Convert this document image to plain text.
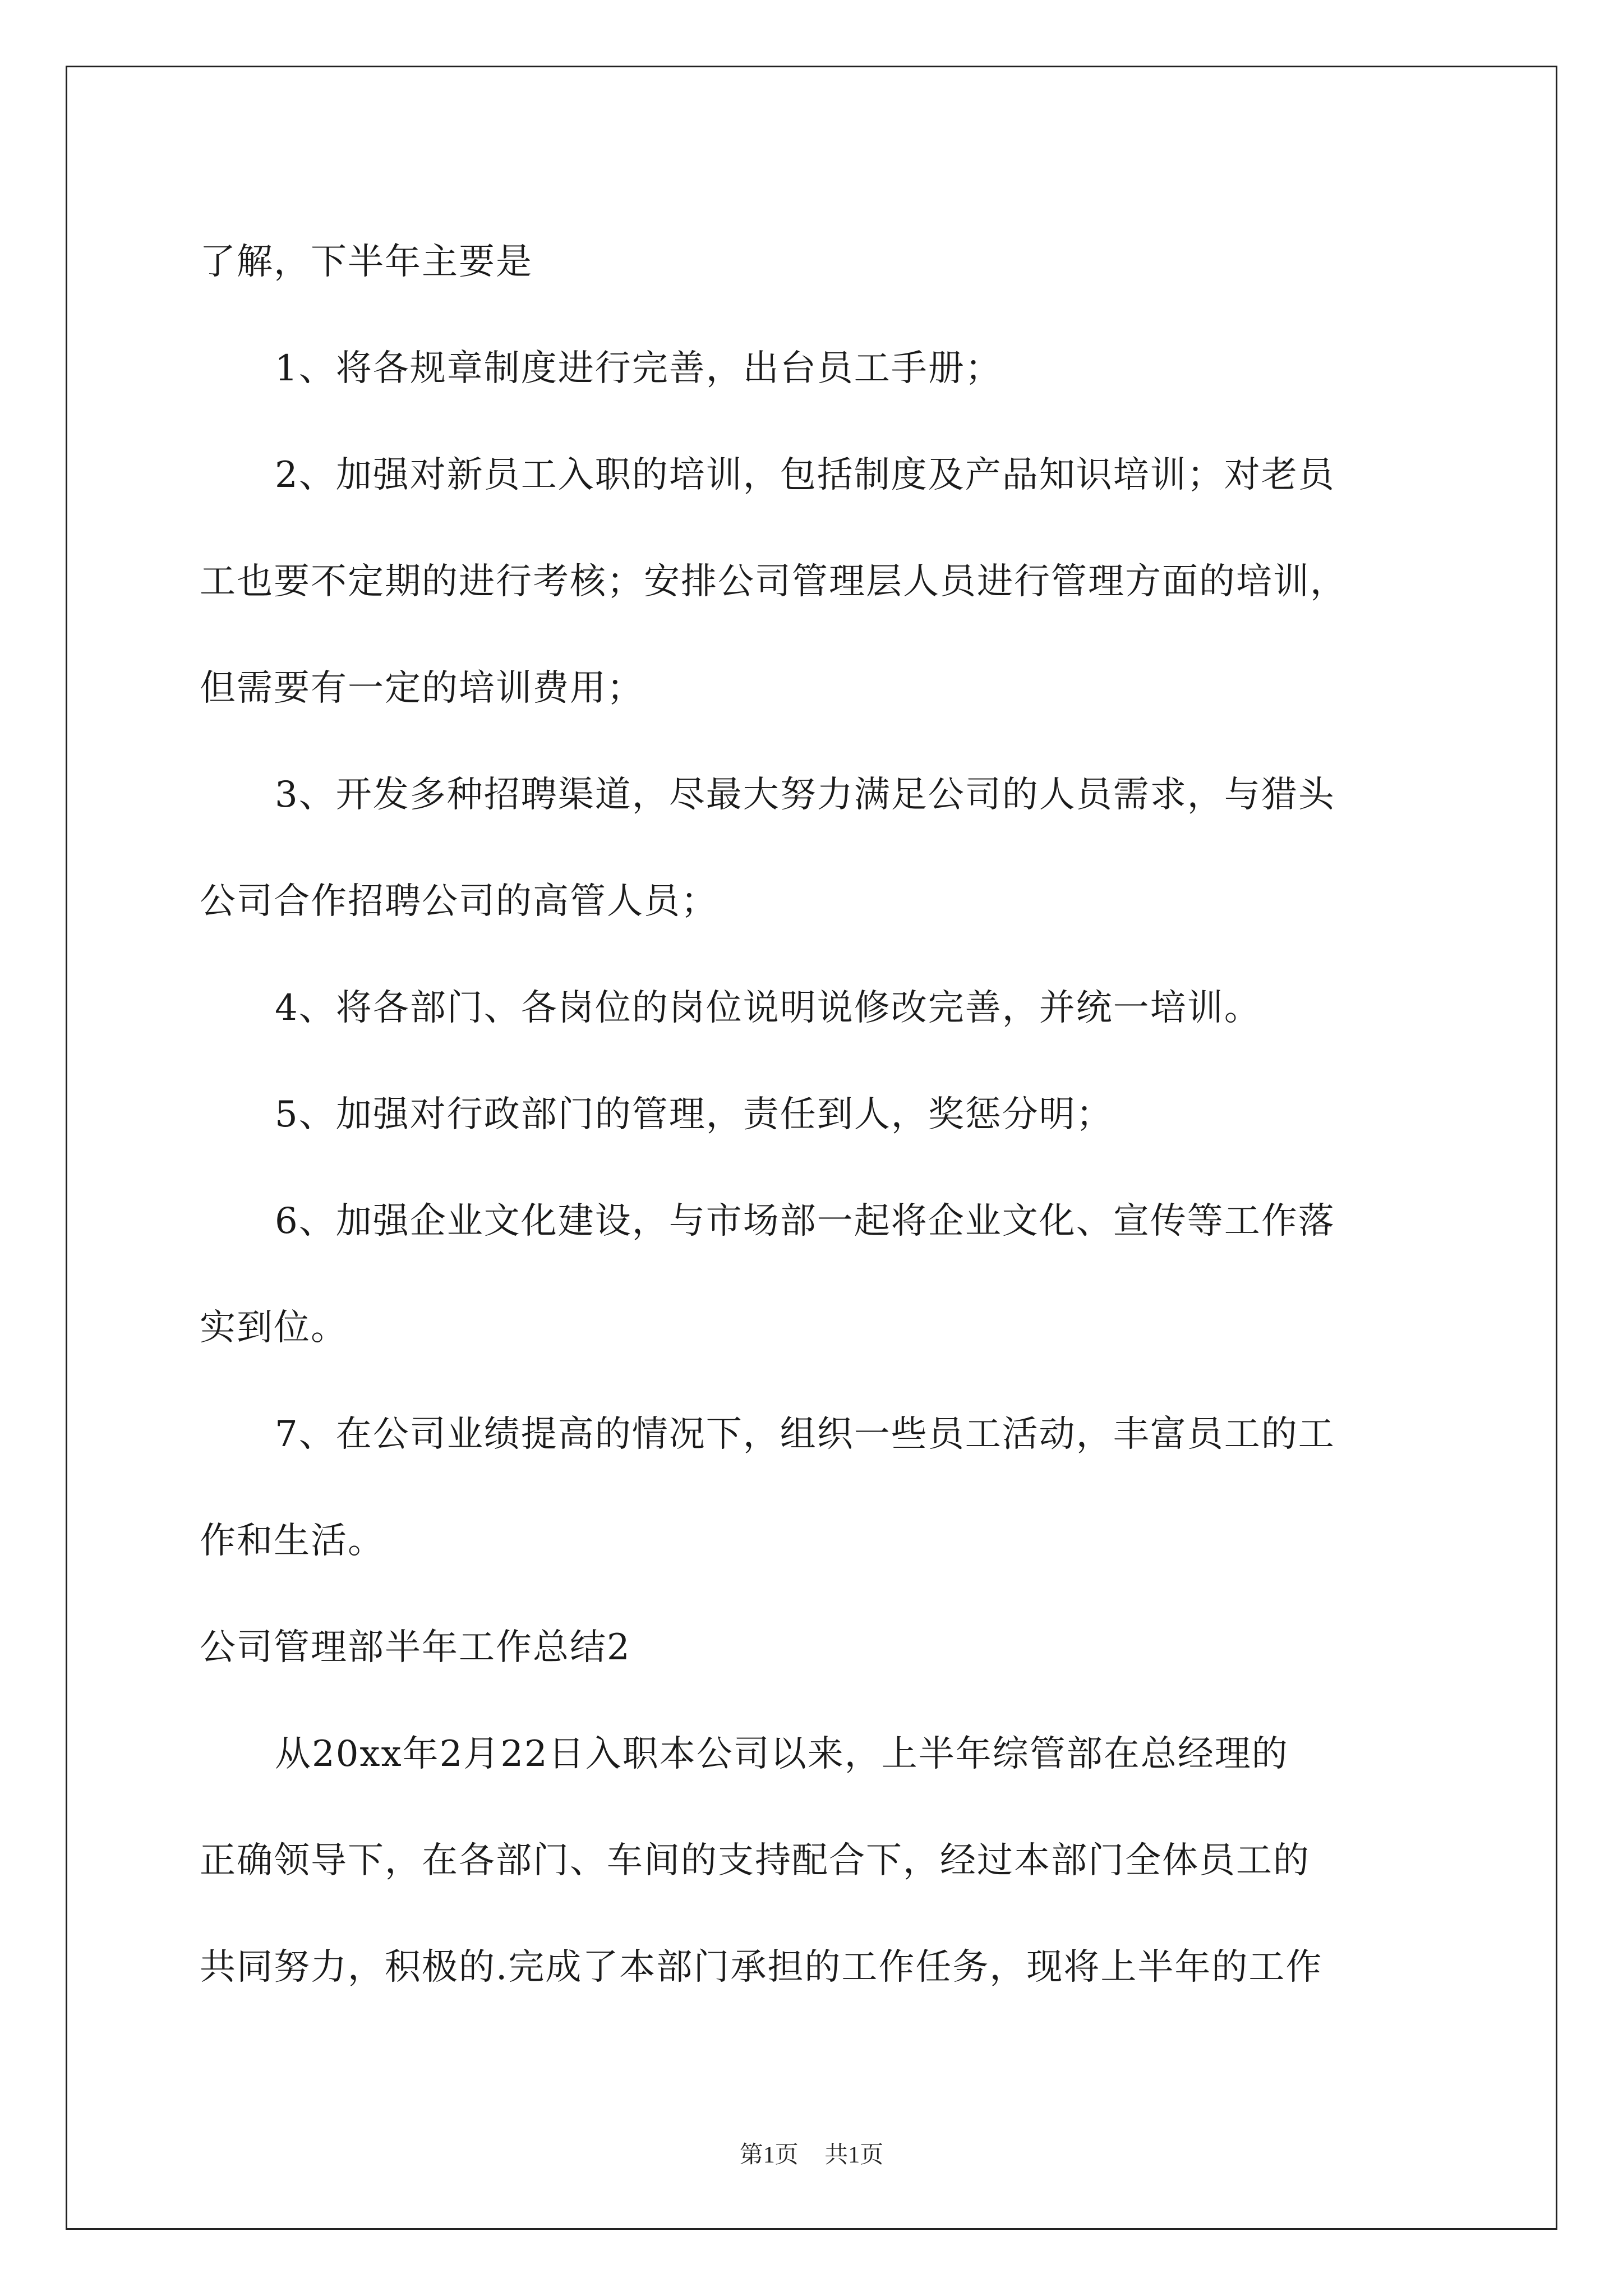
了解，下半年主要是

1、将各规章制度进行完善，出台员工手册；

2、加强对新员工入职的培训，包括制度及产品知识培训；对老员

工也要不定期的进行考核；安排公司管理层人员进行管理方面的培训，

但需要有一定的培训费用；

3、开发多种招聘渠道，尽最大努力满足公司的人员需求，与猎头

公司合作招聘公司的高管人员；

4、将各部门、各岗位的岗位说明说修改完善，并统一培训。

5、加强对行政部门的管理，责任到人，奖惩分明；

6、加强企业文化建设，与市场部一起将企业文化、宣传等工作落

实到位。

7、在公司业绩提高的情况下，组织一些员工活动，丰富员工的工

作和生活。

公司管理部半年工作总结2

从20xx年2月22日入职本公司以来，上半年综管部在总经理的

正确领导下，在各部门、车间的支持配合下，经过本部门全体员工的

共同努力，积极的.完成了本部门承担的工作任务，现将上半年的工作

第1页 共1页
